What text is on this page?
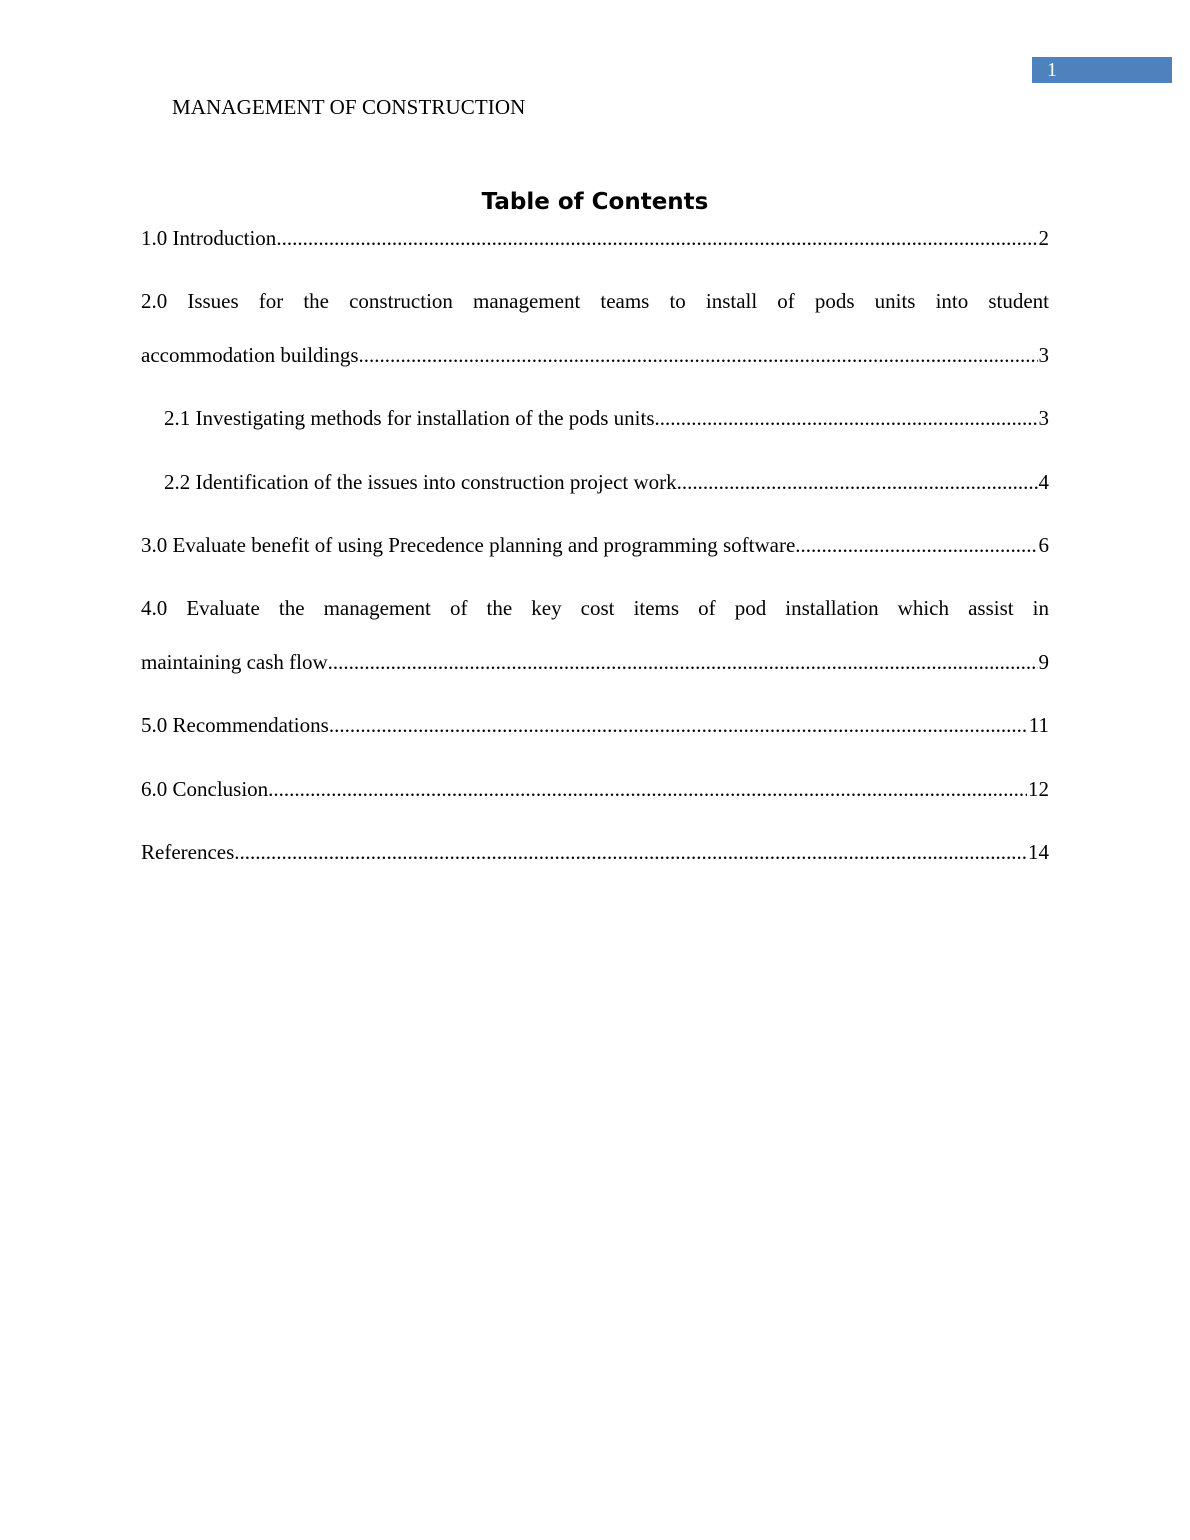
1
MANAGEMENT OF CONSTRUCTION
Table of Contents
1.0 Introduction .....	2
2.0 Issues for the construction management teams to install of pods units into student
accommodation buildings .....	3
2.1 Investigating methods for installation of the pods units .....	3
2.2 Identification of the issues into construction project work .....	4
3.0 Evaluate benefit of using Precedence planning and programming software .....	6
4.0 Evaluate the management of the key cost items of pod installation which assist in
maintaining cash flow .....	9
5.0 Recommendations .....	11
6.0 Conclusion .....	12
References .....	14
